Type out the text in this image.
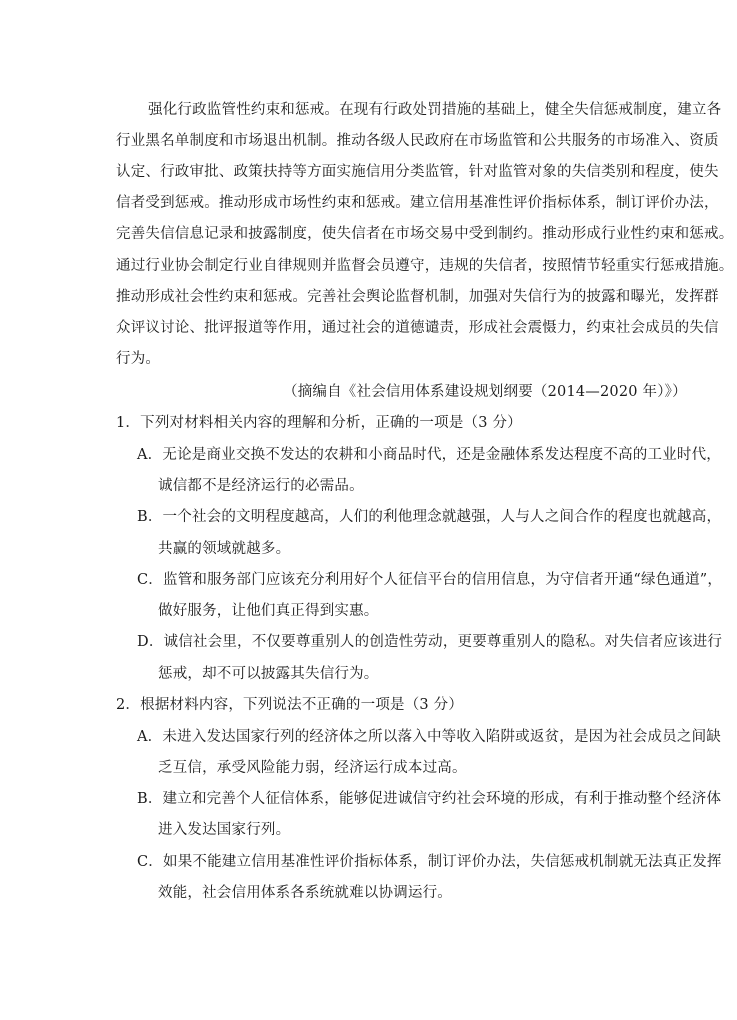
强化行政监管性约束和惩戒。在现有行政处罚措施的基础上，健全失信惩戒制度，建立各
行业黑名单制度和市场退出机制。推动各级人民政府在市场监管和公共服务的市场准入、资质
认定、行政审批、政策扶持等方面实施信用分类监管，针对监管对象的失信类别和程度，使失
信者受到惩戒。推动形成市场性约束和惩戒。建立信用基准性评价指标体系，制订评价办法，
完善失信信息记录和披露制度，使失信者在市场交易中受到制约。推动形成行业性约束和惩戒。
通过行业协会制定行业自律规则并监督会员遵守，违规的失信者，按照情节轻重实行惩戒措施。
推动形成社会性约束和惩戒。完善社会舆论监督机制，加强对失信行为的披露和曝光，发挥群
众评议讨论、批评报道等作用，通过社会的道德谴责，形成社会震慑力，约束社会成员的失信
行为。
（摘编自《社会信用体系建设规划纲要（2014—2020 年）》）
1．下列对材料相关内容的理解和分析，正确的一项是（3 分）
A．无论是商业交换不发达的农耕和小商品时代，还是金融体系发达程度不高的工业时代，
诚信都不是经济运行的必需品。
B．一个社会的文明程度越高，人们的利他理念就越强，人与人之间合作的程度也就越高，
共赢的领域就越多。
C．监管和服务部门应该充分利用好个人征信平台的信用信息，为守信者开通“绿色通道”，
做好服务，让他们真正得到实惠。
D．诚信社会里，不仅要尊重别人的创造性劳动，更要尊重别人的隐私。对失信者应该进行
惩戒，却不可以披露其失信行为。
2．根据材料内容，下列说法不正确的一项是（3 分）
A．未进入发达国家行列的经济体之所以落入中等收入陷阱或返贫，是因为社会成员之间缺
乏互信，承受风险能力弱，经济运行成本过高。
B．建立和完善个人征信体系，能够促进诚信守约社会环境的形成，有利于推动整个经济体
进入发达国家行列。
C．如果不能建立信用基准性评价指标体系，制订评价办法，失信惩戒机制就无法真正发挥
效能，社会信用体系各系统就难以协调运行。
